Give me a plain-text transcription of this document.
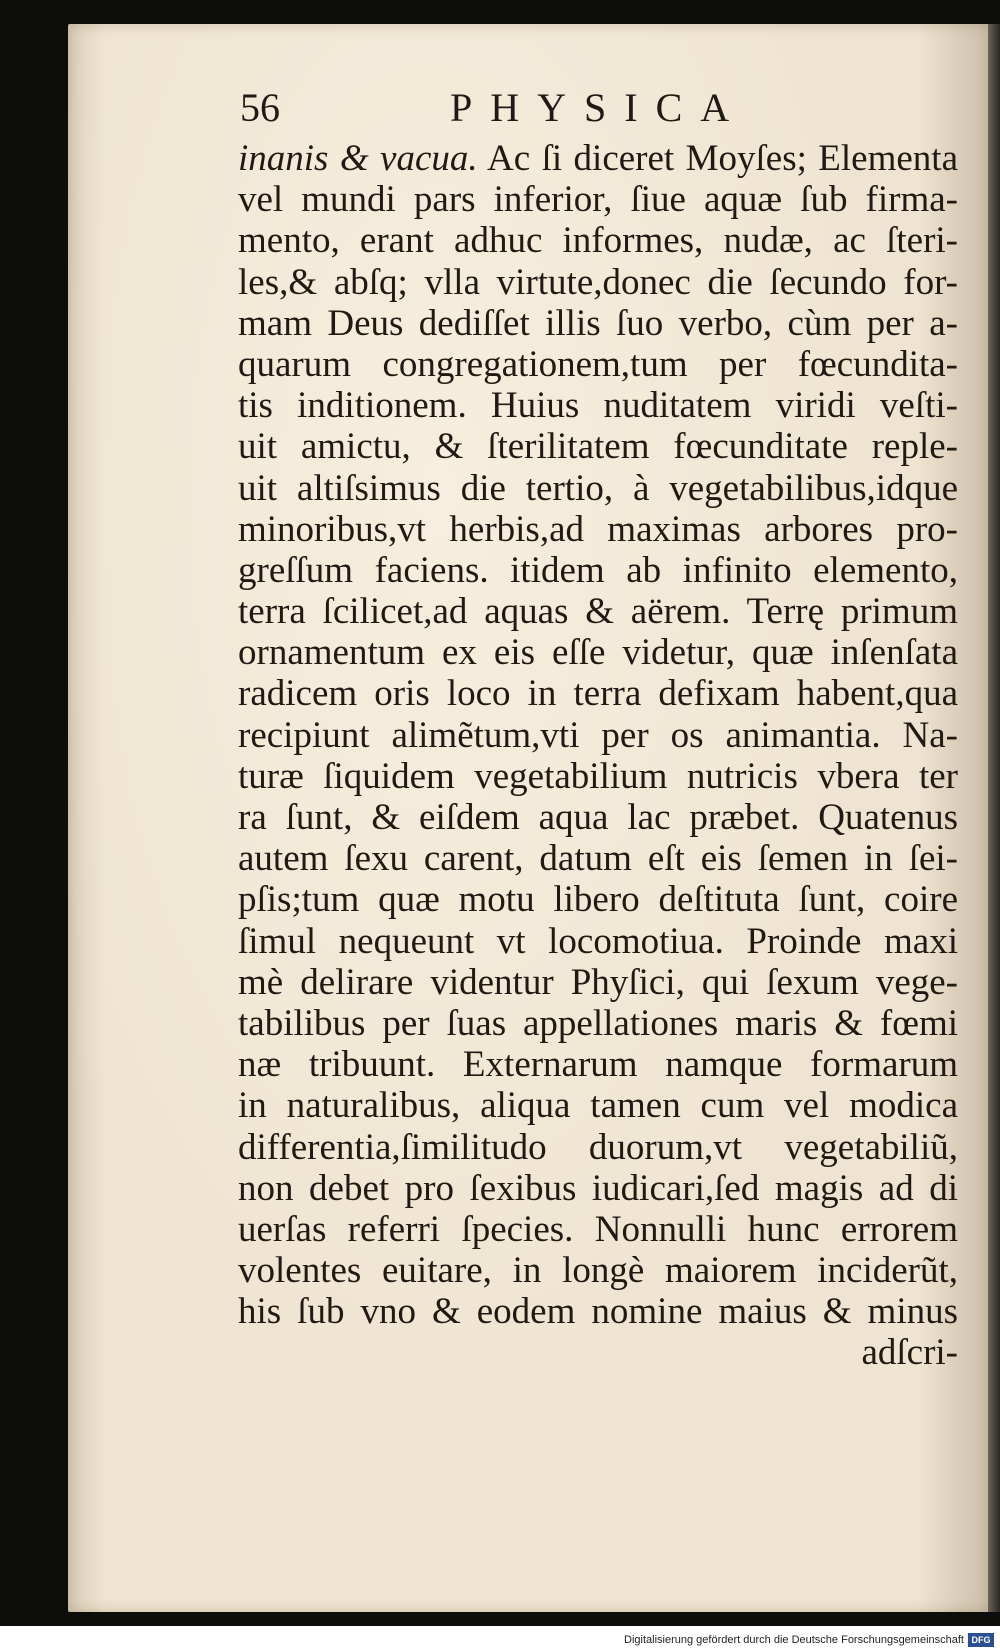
56	PHYSICA
inanis & vacua. Ac ſi diceret Moyſes; Elementa
vel mundi pars inferior, ſiue aquæ ſub firma-
mento, erant adhuc informes, nudæ, ac ſteri-
les,& abſq; vlla virtute,donec die ſecundo for-
mam Deus dediſſet illis ſuo verbo, cùm per a-
quarum congregationem,tum per fœcundita-
tis inditionem. Huius nuditatem viridi veſti-
uit amictu, & ſterilitatem fœcunditate reple-
uit altiſsimus die tertio, à vegetabilibus,idque
minoribus,vt herbis,ad maximas arbores pro-
greſſum faciens. itidem ab infinito elemento,
terra ſcilicet,ad aquas & aërem. Terrę primum
ornamentum ex eis eſſe videtur, quæ inſenſata
radicem oris loco in terra defixam habent,qua
recipiunt alimẽtum,vti per os animantia. Na-
turæ ſiquidem vegetabilium nutricis vbera ter
ra ſunt, & eiſdem aqua lac præbet. Quatenus
autem ſexu carent, datum eſt eis ſemen in ſei-
pſis;tum quæ motu libero deſtituta ſunt, coire
ſimul nequeunt vt locomotiua. Proinde maxi
mè delirare videntur Phyſici, qui ſexum vege-
tabilibus per ſuas appellationes maris & fœmi
næ tribuunt. Externarum namque formarum
in naturalibus, aliqua tamen cum vel modica
differentia,ſimilitudo duorum,vt vegetabiliũ,
non debet pro ſexibus iudicari,ſed magis ad di
uerſas referri ſpecies. Nonnulli hunc errorem
volentes euitare, in longè maiorem inciderũt,
his ſub vno & eodem nomine maius & minus
adſcri-
Digitalisierung gefördert durch die Deutsche Forschungsgemeinschaft DFG
